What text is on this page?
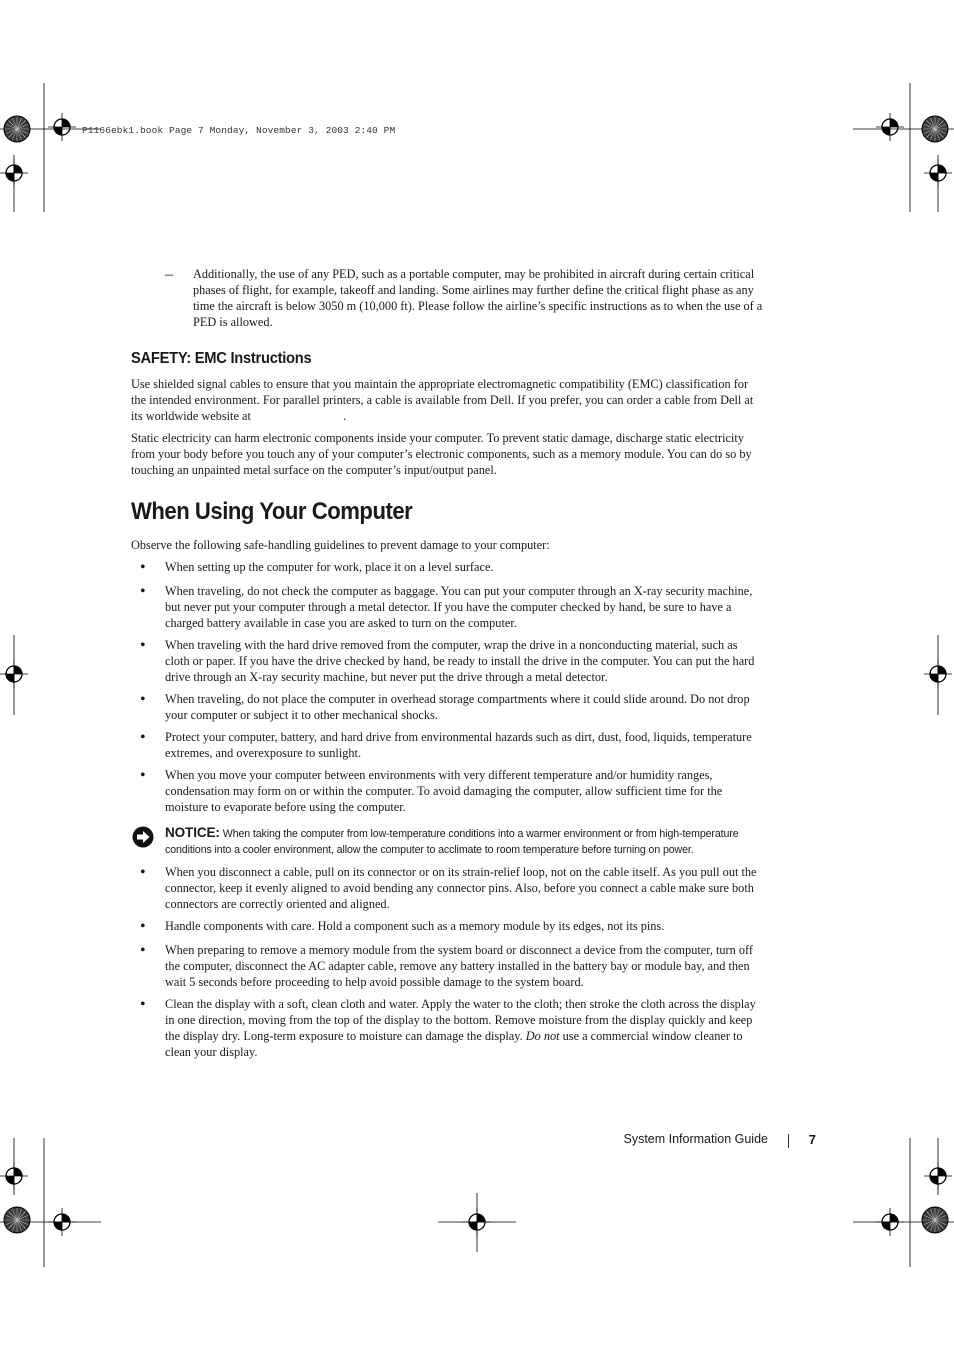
P1166ebk1.book Page 7 Monday, November 3, 2003 2:40 PM
–	Additionally, the use of any PED, such as a portable computer, may be prohibited in aircraft during certain critical phases of flight, for example, takeoff and landing. Some airlines may further define the critical flight phase as any time the aircraft is below 3050 m (10,000 ft). Please follow the airline’s specific instructions as to when the use of a PED is allowed.

SAFETY: EMC Instructions

Use shielded signal cables to ensure that you maintain the appropriate electromagnetic compatibility (EMC) classification for the intended environment. For parallel printers, a cable is available from Dell. If you prefer, you can order a cable from Dell at its worldwide website at                              .

Static electricity can harm electronic components inside your computer. To prevent static damage, discharge static electricity from your body before you touch any of your computer’s electronic components, such as a memory module. You can do so by touching an unpainted metal surface on the computer’s input/output panel.

When Using Your Computer

Observe the following safe-handling guidelines to prevent damage to your computer:

•	When setting up the computer for work, place it on a level surface.

•	When traveling, do not check the computer as baggage. You can put your computer through an X-ray security machine, but never put your computer through a metal detector. If you have the computer checked by hand, be sure to have a charged battery available in case you are asked to turn on the computer.

•	When traveling with the hard drive removed from the computer, wrap the drive in a nonconducting material, such as cloth or paper. If you have the drive checked by hand, be ready to install the drive in the computer. You can put the hard drive through an X-ray security machine, but never put the drive through a metal detector.

•	When traveling, do not place the computer in overhead storage compartments where it could slide around. Do not drop your computer or subject it to other mechanical shocks.

•	Protect your computer, battery, and hard drive from environmental hazards such as dirt, dust, food, liquids, temperature extremes, and overexposure to sunlight.

•	When you move your computer between environments with very different temperature and/or humidity ranges, condensation may form on or within the computer. To avoid damaging the computer, allow sufficient time for the moisture to evaporate before using the computer.

NOTICE: When taking the computer from low-temperature conditions into a warmer environment or from high-temperature conditions into a cooler environment, allow the computer to acclimate to room temperature before turning on power.
•	When you disconnect a cable, pull on its connector or on its strain-relief loop, not on the cable itself. As you pull out the connector, keep it evenly aligned to avoid bending any connector pins. Also, before you connect a cable make sure both connectors are correctly oriented and aligned.

•	Handle components with care. Hold a component such as a memory module by its edges, not its pins.

•	When preparing to remove a memory module from the system board or disconnect a device from the computer, turn off the computer, disconnect the AC adapter cable, remove any battery installed in the battery bay or module bay, and then wait 5 seconds before proceeding to help avoid possible damage to the system board.

•	Clean the display with a soft, clean cloth and water. Apply the water to the cloth; then stroke the cloth across the display in one direction, moving from the top of the display to the bottom. Remove moisture from the display quickly and keep the display dry. Long-term exposure to moisture can damage the display. Do not use a commercial window cleaner to clean your display.

System Information Guide	7
